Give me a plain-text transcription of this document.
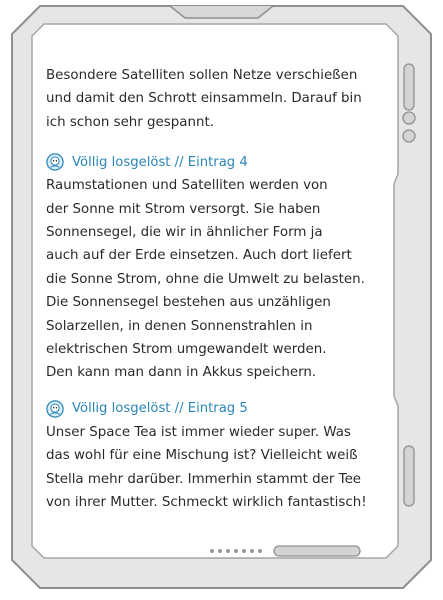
Besondere Satelliten sollen Netze verschießen
und damit den Schrott einsammeln. Darauf bin
ich schon sehr gespannt.

Völlig losgelöst // Eintrag 4

Raumstationen und Satelliten werden von
der Sonne mit Strom versorgt. Sie haben
Sonnensegel, die wir in ähnlicher Form ja
auch auf der Erde einsetzen. Auch dort liefert
die Sonne Strom, ohne die Umwelt zu belasten.
Die Sonnensegel bestehen aus unzähligen
Solarzellen, in denen Sonnenstrahlen in
elektrischen Strom umgewandelt werden.
Den kann man dann in Akkus speichern.

Völlig losgelöst // Eintrag 5

Unser Space Tea ist immer wieder super. Was
das wohl für eine Mischung ist? Vielleicht weiß
Stella mehr darüber. Immerhin stammt der Tee
von ihrer Mutter. Schmeckt wirklich fantastisch!
